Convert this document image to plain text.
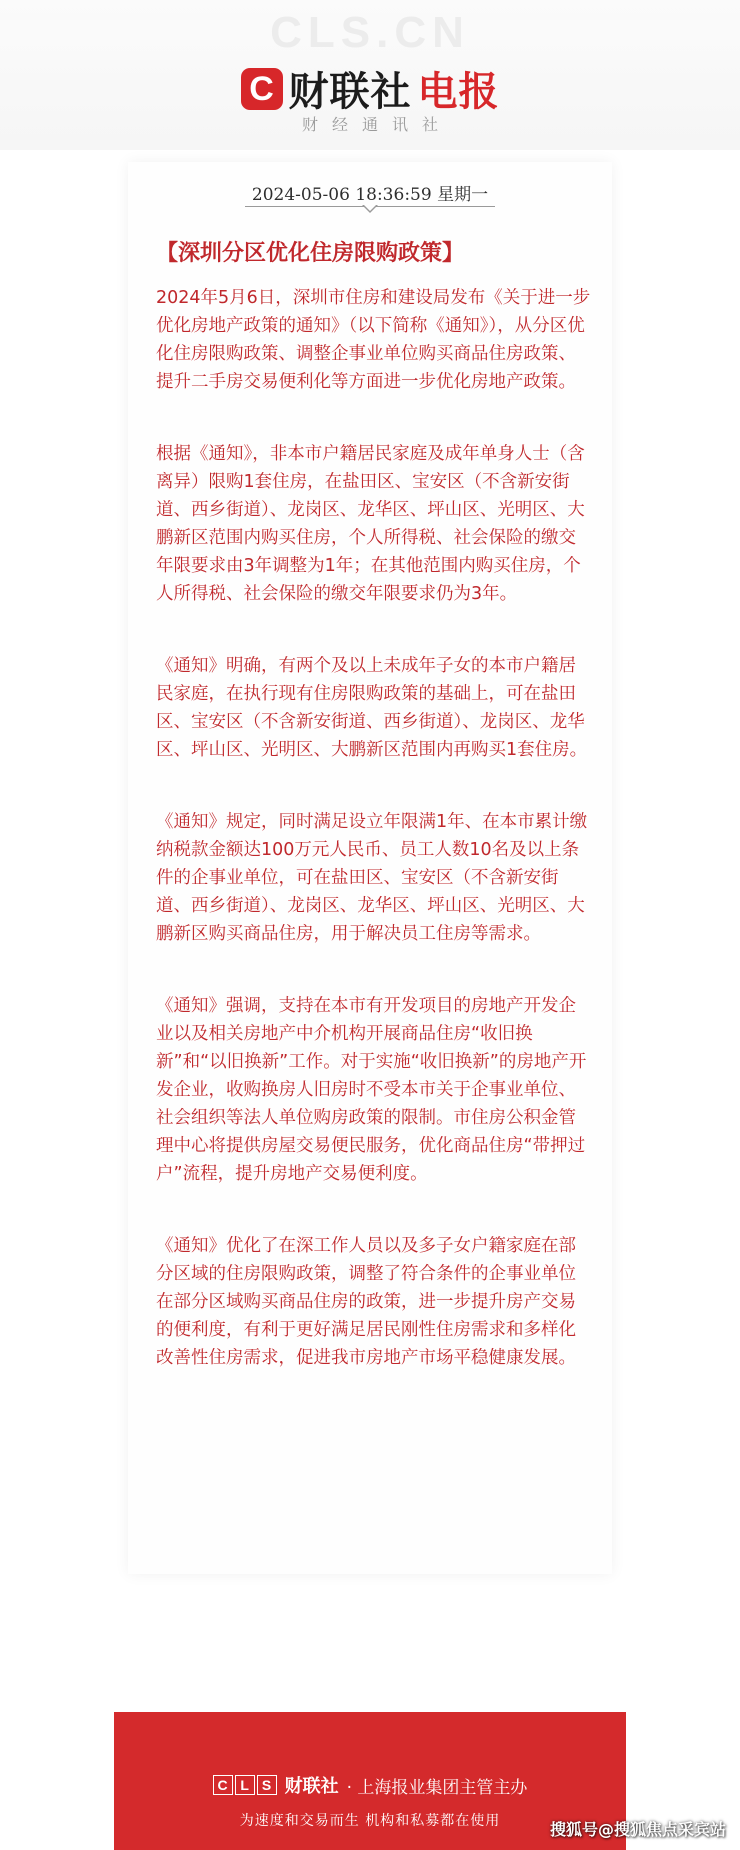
CLS.CN
C 财联社 电报
财经通讯社
2024-05-06 18:36:59 星期一
【深圳分区优化住房限购政策】

2024年5月6日，深圳市住房和建设局发布《关于进一步优化房地产政策的通知》（以下简称《通知》），从分区优化住房限购政策、调整企事业单位购买商品住房政策、提升二手房交易便利化等方面进一步优化房地产政策。

根据《通知》，非本市户籍居民家庭及成年单身人士（含离异）限购1套住房，在盐田区、宝安区（不含新安街道、西乡街道）、龙岗区、龙华区、坪山区、光明区、大鹏新区范围内购买住房，个人所得税、社会保险的缴交年限要求由3年调整为1年；在其他范围内购买住房，个人所得税、社会保险的缴交年限要求仍为3年。

《通知》明确，有两个及以上未成年子女的本市户籍居民家庭，在执行现有住房限购政策的基础上，可在盐田区、宝安区（不含新安街道、西乡街道）、龙岗区、龙华区、坪山区、光明区、大鹏新区范围内再购买1套住房。

《通知》规定，同时满足设立年限满1年、在本市累计缴纳税款金额达100万元人民币、员工人数10名及以上条件的企事业单位，可在盐田区、宝安区（不含新安街道、西乡街道）、龙岗区、龙华区、坪山区、光明区、大鹏新区购买商品住房，用于解决员工住房等需求。

《通知》强调，支持在本市有开发项目的房地产开发企业以及相关房地产中介机构开展商品住房“收旧换新”和“以旧换新”工作。对于实施“收旧换新”的房地产开发企业，收购换房人旧房时不受本市关于企事业单位、社会组织等法人单位购房政策的限制。市住房公积金管理中心将提供房屋交易便民服务，优化商品住房“带押过户”流程，提升房地产交易便利度。

《通知》优化了在深工作人员以及多子女户籍家庭在部分区域的住房限购政策，调整了符合条件的企事业单位在部分区域购买商品住房的政策，进一步提升房产交易的便利度，有利于更好满足居民刚性住房需求和多样化改善性住房需求，促进我市房地产市场平稳健康发展。

C L S 财联社 · 上海报业集团主管主办
为速度和交易而生 机构和私募都在使用	搜狐号@搜狐焦点采宾站
